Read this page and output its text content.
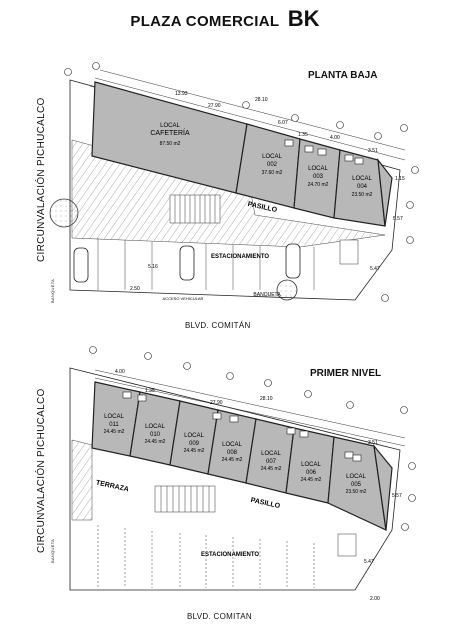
PLAZA COMERCIAL BK
13.93
27.90
28.10
6.07
4.00
1.35
3.51
2.50
5.16
5.57
5.47
1.15
LOCAL
CAFETERÍA
87.50 m2
LOCAL
002
37.60 m2
LOCAL
003
24.70 m2
LOCAL
004
23.50 m2
PASILLO
ESTACIONAMIENTO
ACCESO VEHICULAR
BANQUETA
4.00
28.10
27.90
1.35
3.51
5.57
5.47
2.00
LOCAL
011
24.45 m2
LOCAL
010
24.45 m2
LOCAL
009
24.45 m2
LOCAL
008
24.45 m2
LOCAL
007
24.45 m2
LOCAL
006
24.45 m2	LOCAL
005
23.50 m2
PASILLO
TERRAZA
ESTACIONAMIENTO
PLANTA BAJA
PRIMER NIVEL
BLVD. COMITÁN
BLVD. COMITAN
CIRCUNVALACIÓN PICHUCALCO
CIRCUNVALACIÓN PICHUCALCO
BANQUETA
BANQUETA
